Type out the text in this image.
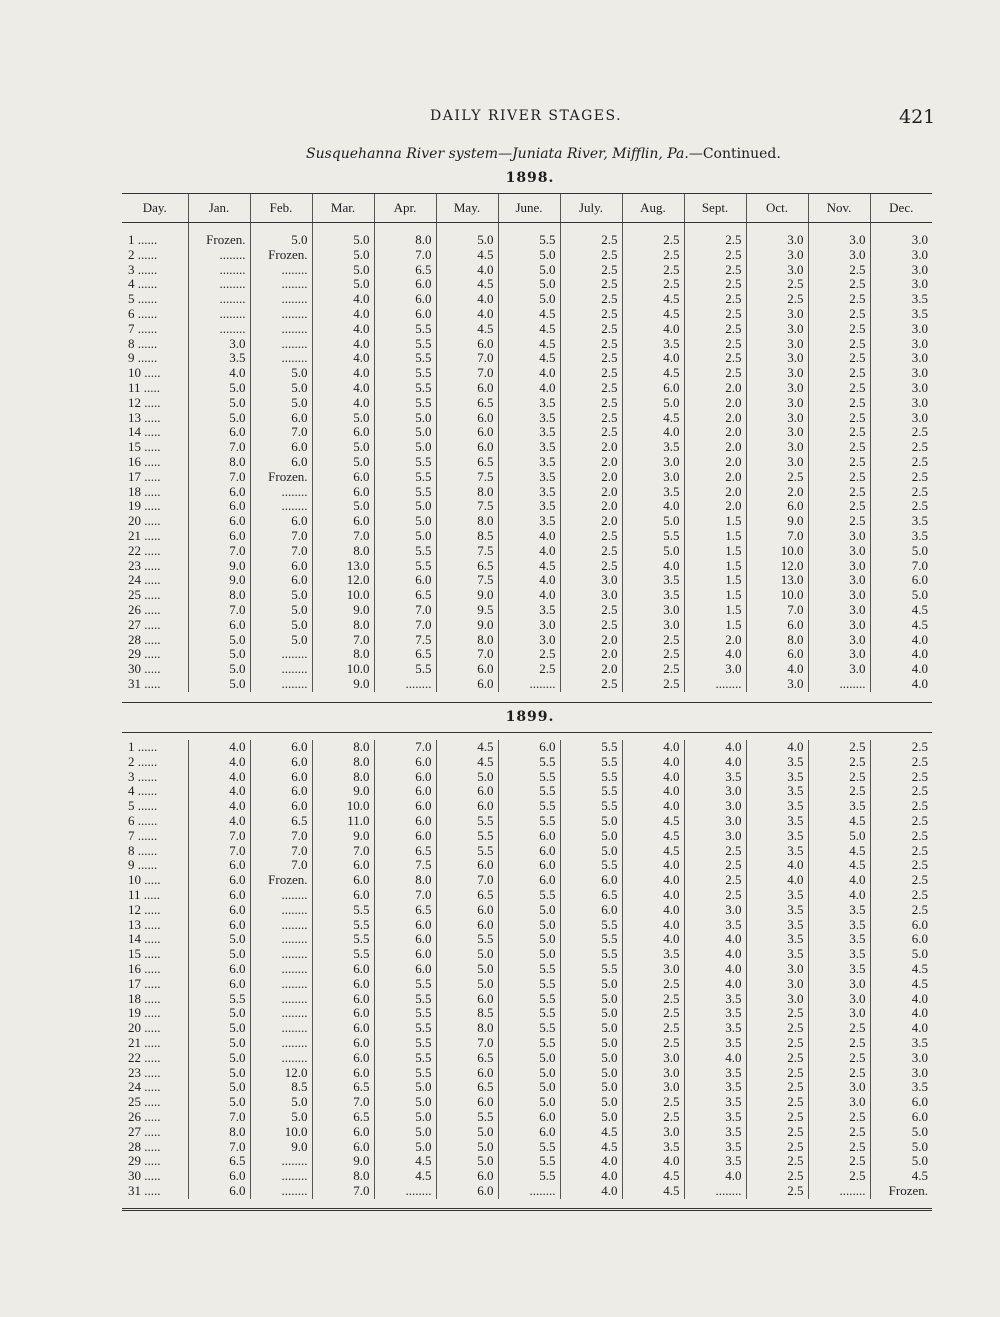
DAILY RIVER STAGES.	421
Susquehanna River system—Juniata River, Mifflin, Pa.—Continued.
1898.
Day.	Jan.	Feb.	Mar.	Apr.	May.	June.	July.	Aug.	Sept.	Oct.	Nov.	Dec.
1 ......	Frozen.	5.0	5.0	8.0	5.0	5.5	2.5	2.5	2.5	3.0	3.0	3.0
2 ......	........	Frozen.	5.0	7.0	4.5	5.0	2.5	2.5	2.5	3.0	3.0	3.0
3 ......	........	........	5.0	6.5	4.0	5.0	2.5	2.5	2.5	3.0	2.5	3.0
4 ......	........	........	5.0	6.0	4.5	5.0	2.5	2.5	2.5	2.5	2.5	3.0
5 ......	........	........	4.0	6.0	4.0	5.0	2.5	4.5	2.5	2.5	2.5	3.5
6 ......	........	........	4.0	6.0	4.0	4.5	2.5	4.5	2.5	3.0	2.5	3.5
7 ......	........	........	4.0	5.5	4.5	4.5	2.5	4.0	2.5	3.0	2.5	3.0
8 ......	3.0	........	4.0	5.5	6.0	4.5	2.5	3.5	2.5	3.0	2.5	3.0
9 ......	3.5	........	4.0	5.5	7.0	4.5	2.5	4.0	2.5	3.0	2.5	3.0
10 .....	4.0	5.0	4.0	5.5	7.0	4.0	2.5	4.5	2.5	3.0	2.5	3.0
11 .....	5.0	5.0	4.0	5.5	6.0	4.0	2.5	6.0	2.0	3.0	2.5	3.0
12 .....	5.0	5.0	4.0	5.5	6.5	3.5	2.5	5.0	2.0	3.0	2.5	3.0
13 .....	5.0	6.0	5.0	5.0	6.0	3.5	2.5	4.5	2.0	3.0	2.5	3.0
14 .....	6.0	7.0	6.0	5.0	6.0	3.5	2.5	4.0	2.0	3.0	2.5	2.5
15 .....	7.0	6.0	5.0	5.0	6.0	3.5	2.0	3.5	2.0	3.0	2.5	2.5
16 .....	8.0	6.0	5.0	5.5	6.5	3.5	2.0	3.0	2.0	3.0	2.5	2.5
17 .....	7.0	Frozen.	6.0	5.5	7.5	3.5	2.0	3.0	2.0	2.5	2.5	2.5
18 .....	6.0	........	6.0	5.5	8.0	3.5	2.0	3.5	2.0	2.0	2.5	2.5
19 .....	6.0	........	5.0	5.0	7.5	3.5	2.0	4.0	2.0	6.0	2.5	2.5
20 .....	6.0	6.0	6.0	5.0	8.0	3.5	2.0	5.0	1.5	9.0	2.5	3.5
21 .....	6.0	7.0	7.0	5.0	8.5	4.0	2.5	5.5	1.5	7.0	3.0	3.5
22 .....	7.0	7.0	8.0	5.5	7.5	4.0	2.5	5.0	1.5	10.0	3.0	5.0
23 .....	9.0	6.0	13.0	5.5	6.5	4.5	2.5	4.0	1.5	12.0	3.0	7.0
24 .....	9.0	6.0	12.0	6.0	7.5	4.0	3.0	3.5	1.5	13.0	3.0	6.0
25 .....	8.0	5.0	10.0	6.5	9.0	4.0	3.0	3.5	1.5	10.0	3.0	5.0
26 .....	7.0	5.0	9.0	7.0	9.5	3.5	2.5	3.0	1.5	7.0	3.0	4.5
27 .....	6.0	5.0	8.0	7.0	9.0	3.0	2.5	3.0	1.5	6.0	3.0	4.5
28 .....	5.0	5.0	7.0	7.5	8.0	3.0	2.0	2.5	2.0	8.0	3.0	4.0
29 .....	5.0	........	8.0	6.5	7.0	2.5	2.0	2.5	4.0	6.0	3.0	4.0
30 .....	5.0	........	10.0	5.5	6.0	2.5	2.0	2.5	3.0	4.0	3.0	4.0
31 .....	5.0	........	9.0	........	6.0	........	2.5	2.5	........	3.0	........	4.0
1899.
1 ......	4.0	6.0	8.0	7.0	4.5	6.0	5.5	4.0	4.0	4.0	2.5	2.5
2 ......	4.0	6.0	8.0	6.0	4.5	5.5	5.5	4.0	4.0	3.5	2.5	2.5
3 ......	4.0	6.0	8.0	6.0	5.0	5.5	5.5	4.0	3.5	3.5	2.5	2.5
4 ......	4.0	6.0	9.0	6.0	6.0	5.5	5.5	4.0	3.0	3.5	2.5	2.5
5 ......	4.0	6.0	10.0	6.0	6.0	5.5	5.5	4.0	3.0	3.5	3.5	2.5
6 ......	4.0	6.5	11.0	6.0	5.5	5.5	5.0	4.5	3.0	3.5	4.5	2.5
7 ......	7.0	7.0	9.0	6.0	5.5	6.0	5.0	4.5	3.0	3.5	5.0	2.5
8 ......	7.0	7.0	7.0	6.5	5.5	6.0	5.0	4.5	2.5	3.5	4.5	2.5
9 ......	6.0	7.0	6.0	7.5	6.0	6.0	5.5	4.0	2.5	4.0	4.5	2.5
10 .....	6.0	Frozen.	6.0	8.0	7.0	6.0	6.0	4.0	2.5	4.0	4.0	2.5
11 .....	6.0	........	6.0	7.0	6.5	5.5	6.5	4.0	2.5	3.5	4.0	2.5
12 .....	6.0	........	5.5	6.5	6.0	5.0	6.0	4.0	3.0	3.5	3.5	2.5
13 .....	6.0	........	5.5	6.0	6.0	5.0	5.5	4.0	3.5	3.5	3.5	6.0
14 .....	5.0	........	5.5	6.0	5.5	5.0	5.5	4.0	4.0	3.5	3.5	6.0
15 .....	5.0	........	5.5	6.0	5.0	5.0	5.5	3.5	4.0	3.5	3.5	5.0
16 .....	6.0	........	6.0	6.0	5.0	5.5	5.5	3.0	4.0	3.0	3.5	4.5
17 .....	6.0	........	6.0	5.5	5.0	5.5	5.0	2.5	4.0	3.0	3.0	4.5
18 .....	5.5	........	6.0	5.5	6.0	5.5	5.0	2.5	3.5	3.0	3.0	4.0
19 .....	5.0	........	6.0	5.5	8.5	5.5	5.0	2.5	3.5	2.5	3.0	4.0
20 .....	5.0	........	6.0	5.5	8.0	5.5	5.0	2.5	3.5	2.5	2.5	4.0
21 .....	5.0	........	6.0	5.5	7.0	5.5	5.0	2.5	3.5	2.5	2.5	3.5
22 .....	5.0	........	6.0	5.5	6.5	5.0	5.0	3.0	4.0	2.5	2.5	3.0
23 .....	5.0	12.0	6.0	5.5	6.0	5.0	5.0	3.0	3.5	2.5	2.5	3.0
24 .....	5.0	8.5	6.5	5.0	6.5	5.0	5.0	3.0	3.5	2.5	3.0	3.5
25 .....	5.0	5.0	7.0	5.0	6.0	5.0	5.0	2.5	3.5	2.5	3.0	6.0
26 .....	7.0	5.0	6.5	5.0	5.5	6.0	5.0	2.5	3.5	2.5	2.5	6.0
27 .....	8.0	10.0	6.0	5.0	5.0	6.0	4.5	3.0	3.5	2.5	2.5	5.0
28 .....	7.0	9.0	6.0	5.0	5.0	5.5	4.5	3.5	3.5	2.5	2.5	5.0
29 .....	6.5	........	9.0	4.5	5.0	5.5	4.0	4.0	3.5	2.5	2.5	5.0
30 .....	6.0	........	8.0	4.5	6.0	5.5	4.0	4.5	4.0	2.5	2.5	4.5
31 .....	6.0	........	7.0	........	6.0	........	4.0	4.5	........	2.5	........	Frozen.
